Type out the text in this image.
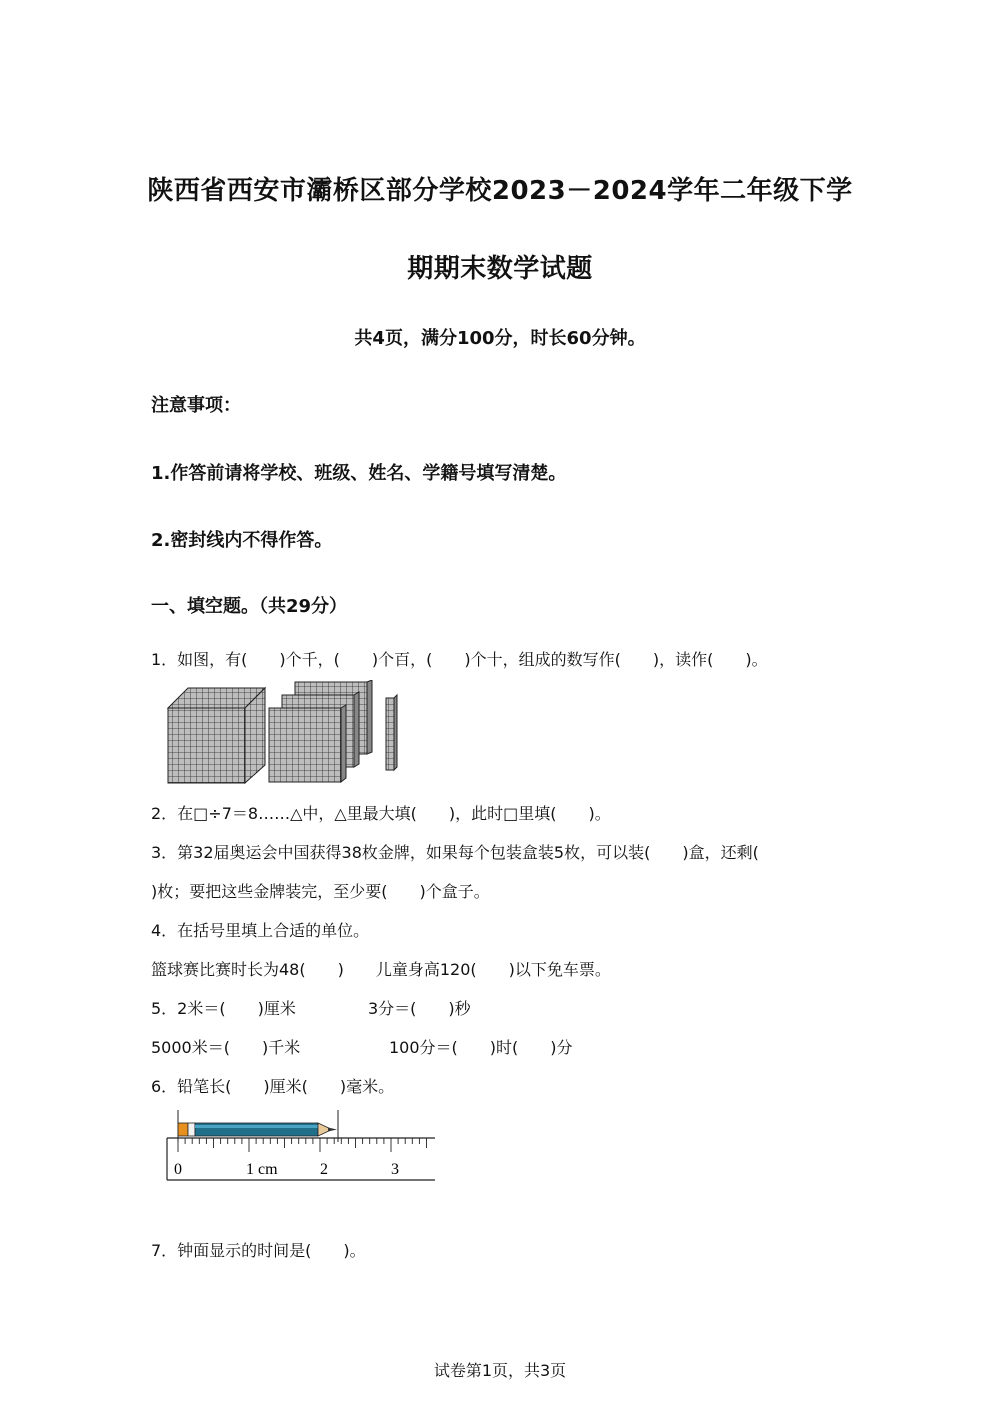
陕西省西安市灞桥区部分学校2023－2024学年二年级下学
期期末数学试题
共4页，满分100分，时长60分钟。
注意事项：
1.作答前请将学校、班级、姓名、学籍号填写清楚。
2.密封线内不得作答。
一、填空题。（共29分）
1．如图，有(　　)个千，(　　)个百，(　　)个十，组成的数写作(　　)，读作(　　)。
2．在□÷7＝8……△中，△里最大填(　　)，此时□里填(　　)。
3．第32届奥运会中国获得38枚金牌，如果每个包装盒装5枚，可以装(　　)盒，还剩(
)枚；要把这些金牌装完，至少要(　　)个盒子。
4．在括号里填上合适的单位。
篮球赛比赛时长为48(　　)　　儿童身高120(　　)以下免车票。
5．2米＝(　　)厘米	3分＝(　　)秒
5000米＝(　　)千米	100分＝(　　)时(　　)分
6．铅笔长(　　)厘米(　　)毫米。
0	1 cm	2	3
7．钟面显示的时间是(　　)。
试卷第1页，共3页
